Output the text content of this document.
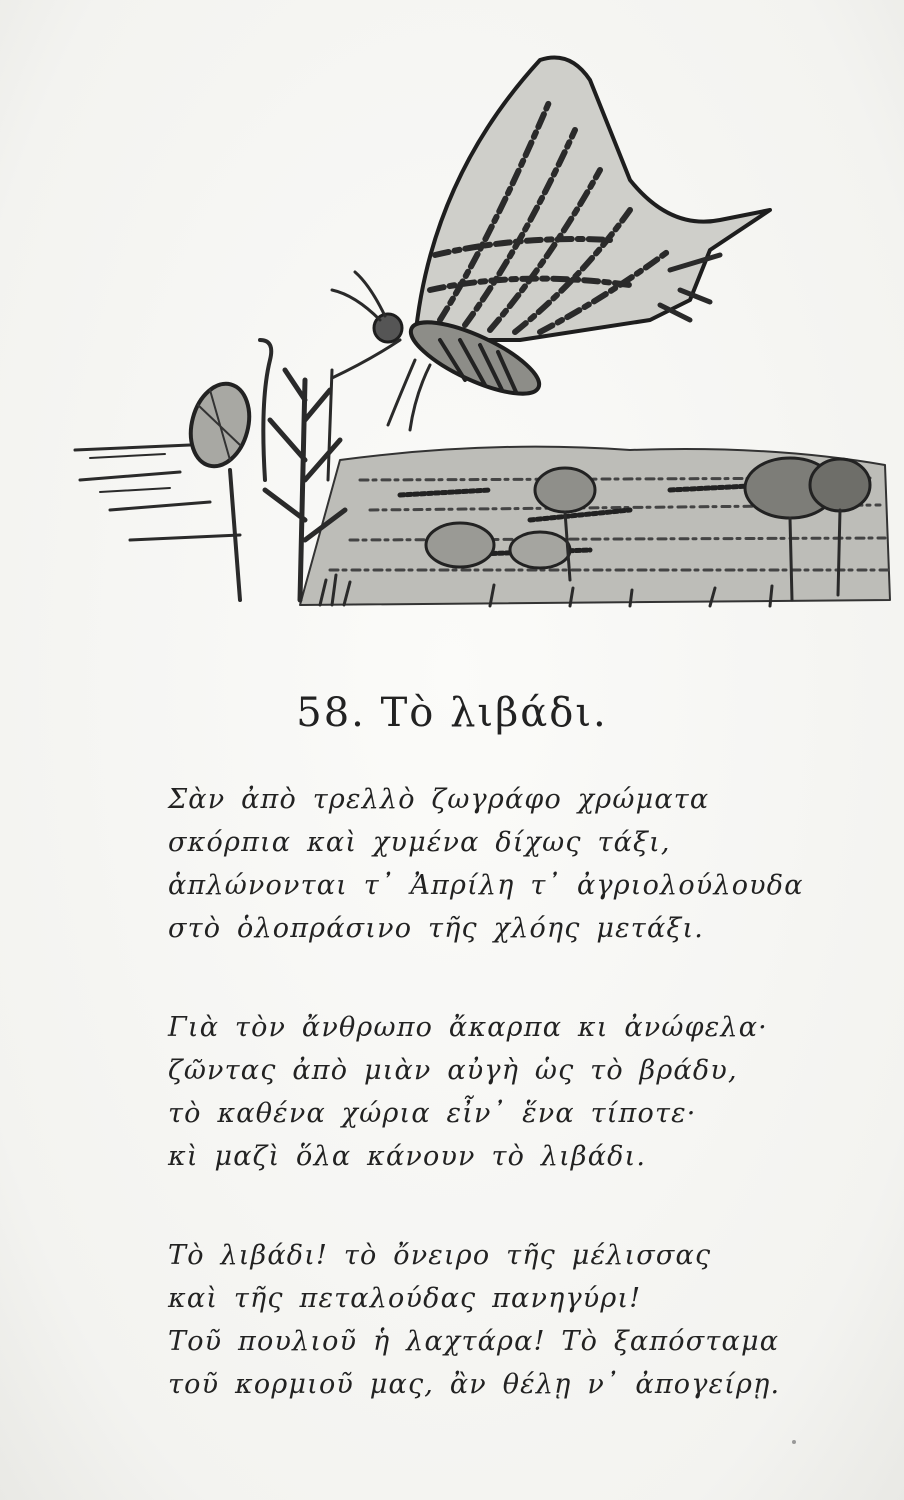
58. Τὸ λιβάδι.
Σὰν ἀπὸ τρελλὸ ζωγράφο χρώματα
σκόρπια καὶ χυμένα δίχως τάξι,
ἁπλώνονται τ᾽ Ἀπρίλη τ᾽ ἀγριολούλουδα
στὸ ὁλοπράσινο τῆς χλόης μετάξι.
Γιὰ τὸν ἄνθρωπο ἄκαρπα κι ἀνώφελα·
ζῶντας ἀπὸ μιὰν αὐγὴ ὡς τὸ βράδυ,
τὸ καθένα χώρια εἶν᾽ ἕνα τίποτε·
κὶ μαζὶ ὅλα κάνουν τὸ λιβάδι.
Τὸ λιβάδι! τὸ ὄνειρο τῆς μέλισσας
καὶ τῆς πεταλούδας πανηγύρι!
Τοῦ πουλιοῦ ἡ λαχτάρα! Τὸ ξαπόσταμα
τοῦ κορμιοῦ μας, ἂν θέλῃ ν᾽ ἀπογείρῃ.
